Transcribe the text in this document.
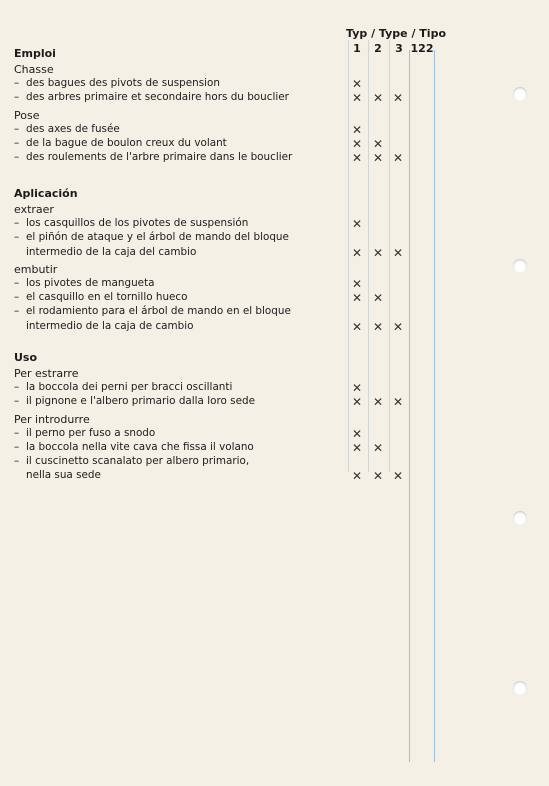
Typ / Type / Tipo
1	2	3 122
Emploi
Chasse
– des bagues des pivots de suspension	✕
– des arbres primaire et secondaire hors du bouclier	✕ ✕ ✕
Pose
– des axes de fusée	✕
– de la bague de boulon creux du volant	✕ ✕
– des roulements de l'arbre primaire dans le bouclier	✕ ✕ ✕
Aplicación
extraer
– los casquillos de los pivotes de suspensión	✕
– el piñón de ataque y el árbol de mando del bloque
intermedio de la caja del cambio	✕ ✕ ✕
embutir
– los pivotes de mangueta	✕
– el casquillo en el tornillo hueco	✕ ✕
– el rodamiento para el árbol de mando en el bloque
intermedio de la caja de cambio	✕ ✕ ✕
Uso
Per estrarre
– la boccola dei perni per bracci oscillanti	✕
– il pignone e l'albero primario dalla loro sede	✕ ✕ ✕
Per introdurre
– il perno per fuso a snodo	✕
– la boccola nella vite cava che fissa il volano	✕ ✕
– il cuscinetto scanalato per albero primario,
nella sua sede	✕ ✕ ✕
